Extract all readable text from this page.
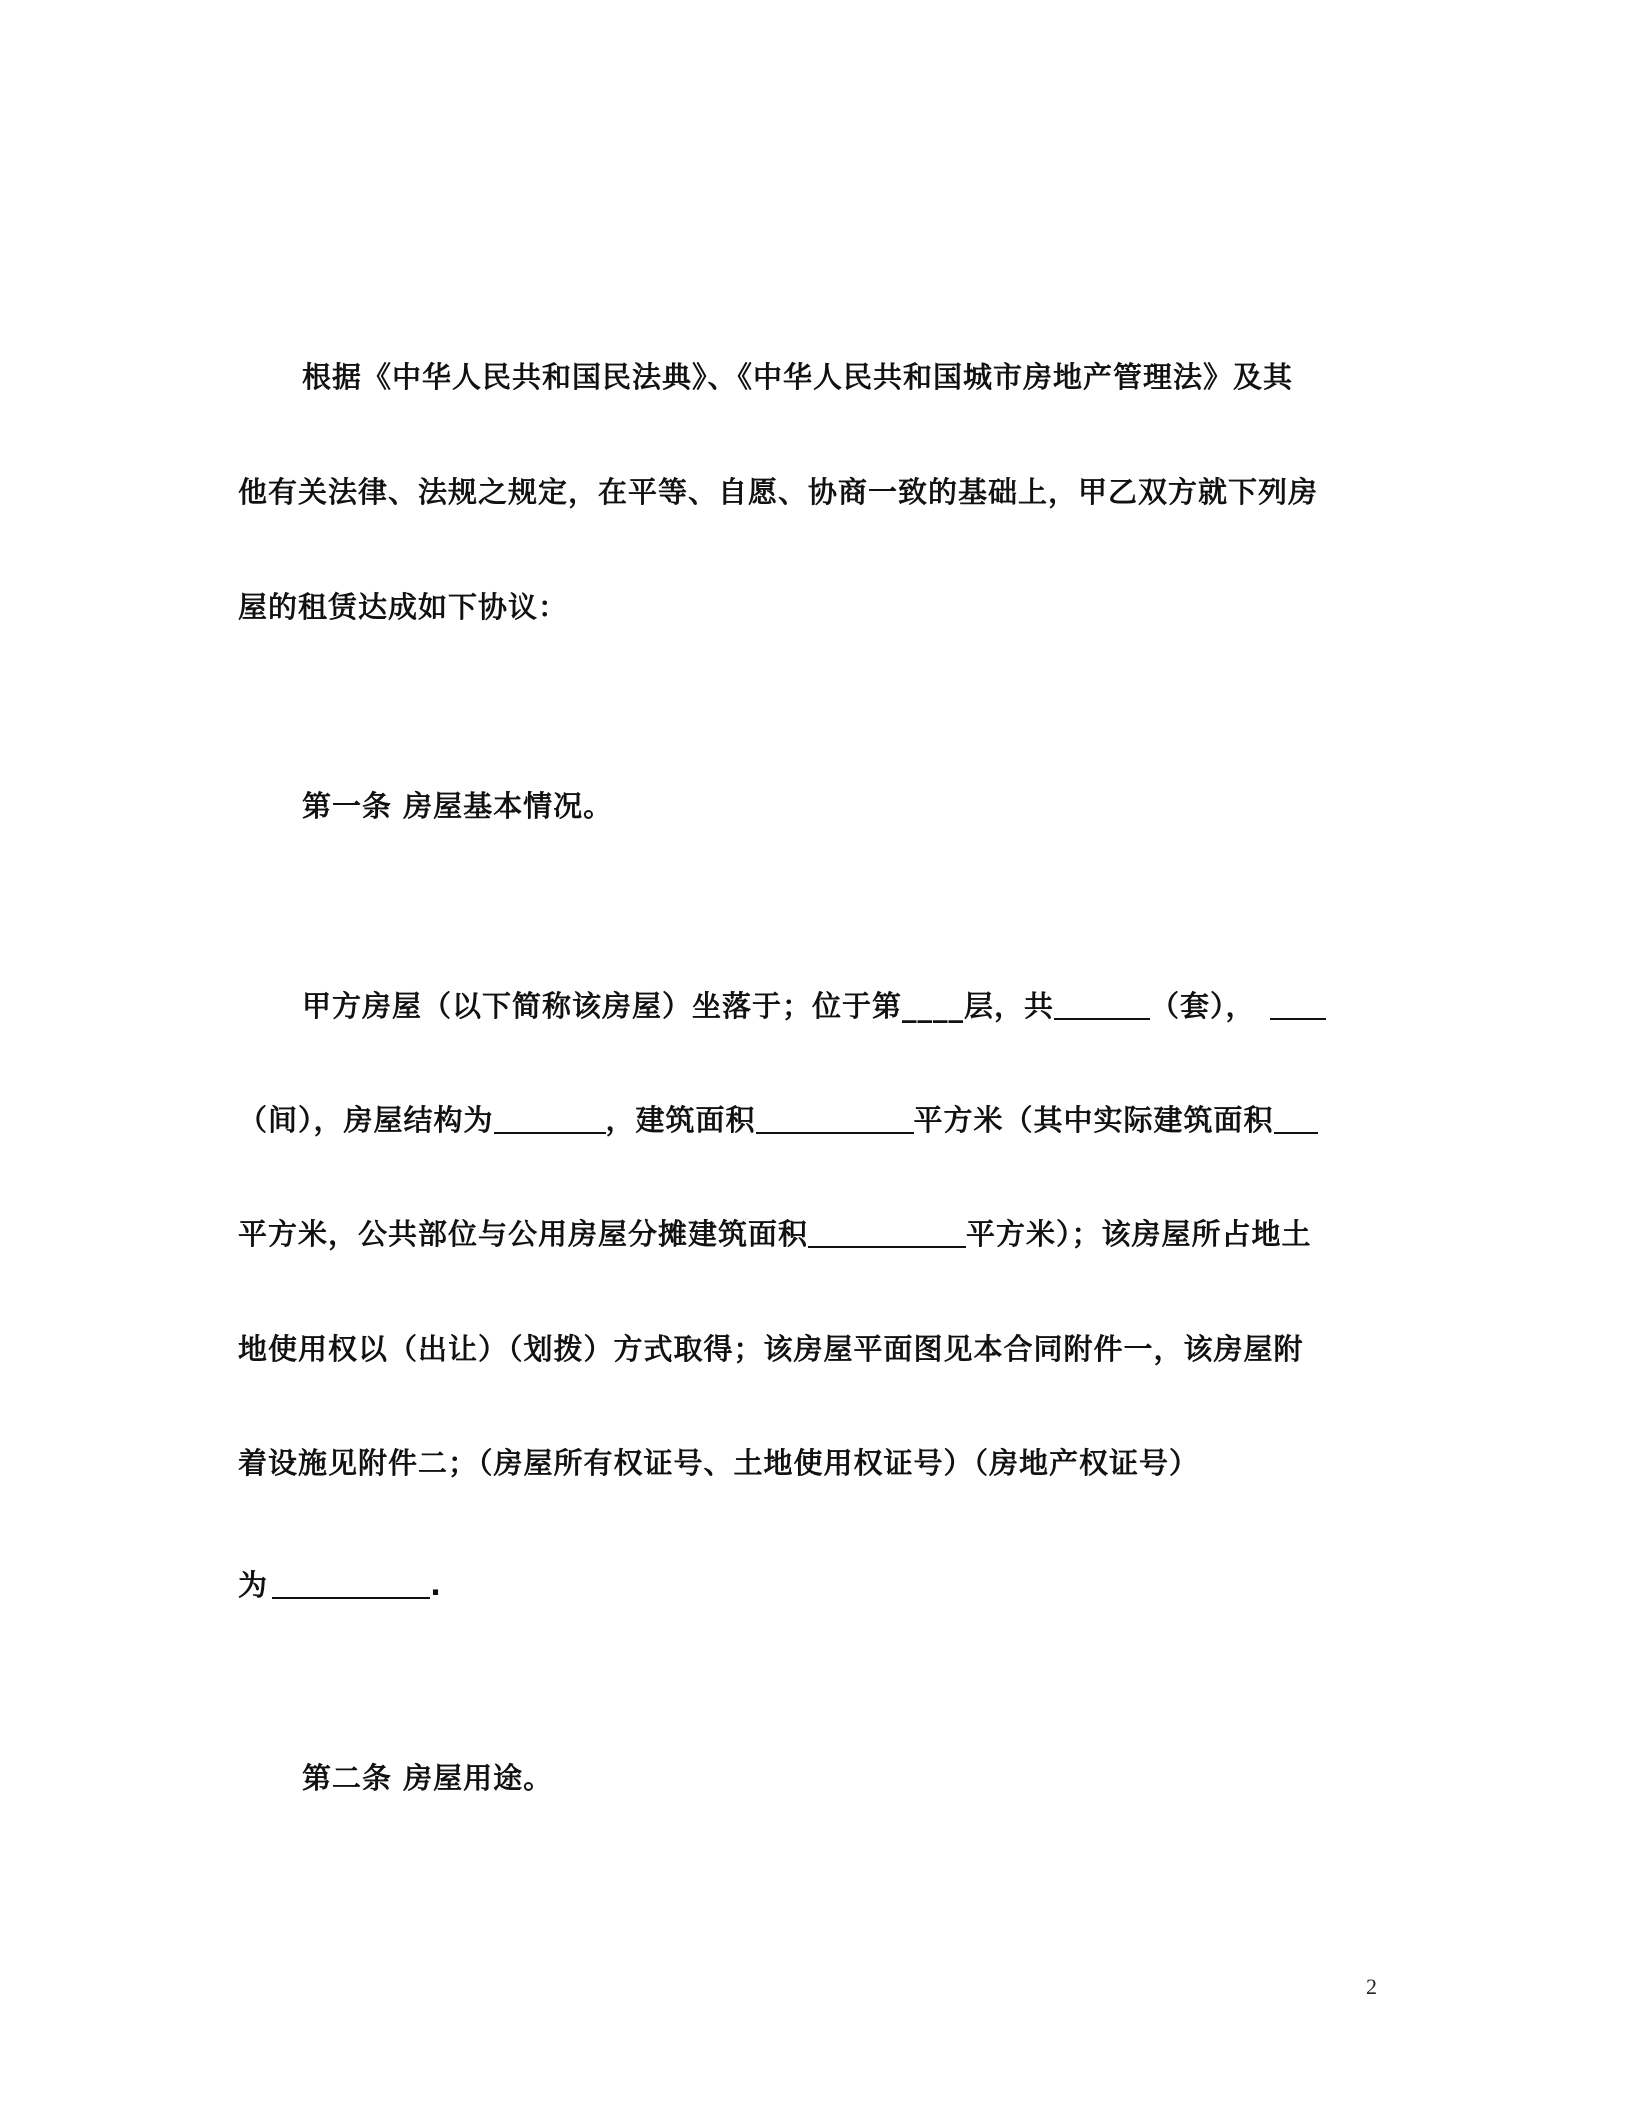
根据《中华人民共和国民法典》、《中华人民共和国城市房地产管理法》及其
他有关法律、法规之规定，在平等、自愿、协商一致的基础上，甲乙双方就下列房
屋的租赁达成如下协议：
第一条 房屋基本情况。
甲方房屋（以下简称该房屋）坐落于；位于第____层，共	（套），
（间），房屋结构为	，建筑面积	平方米（其中实际建筑面积
平方米，公共部位与公用房屋分摊建筑面积	平方米）；该房屋所占地土
地使用权以（出让）（划拨）方式取得；该房屋平面图见本合同附件一，该房屋附
着设施见附件二；（房屋所有权证号、土地使用权证号）（房地产权证号）
为	.
第二条 房屋用途。
2
